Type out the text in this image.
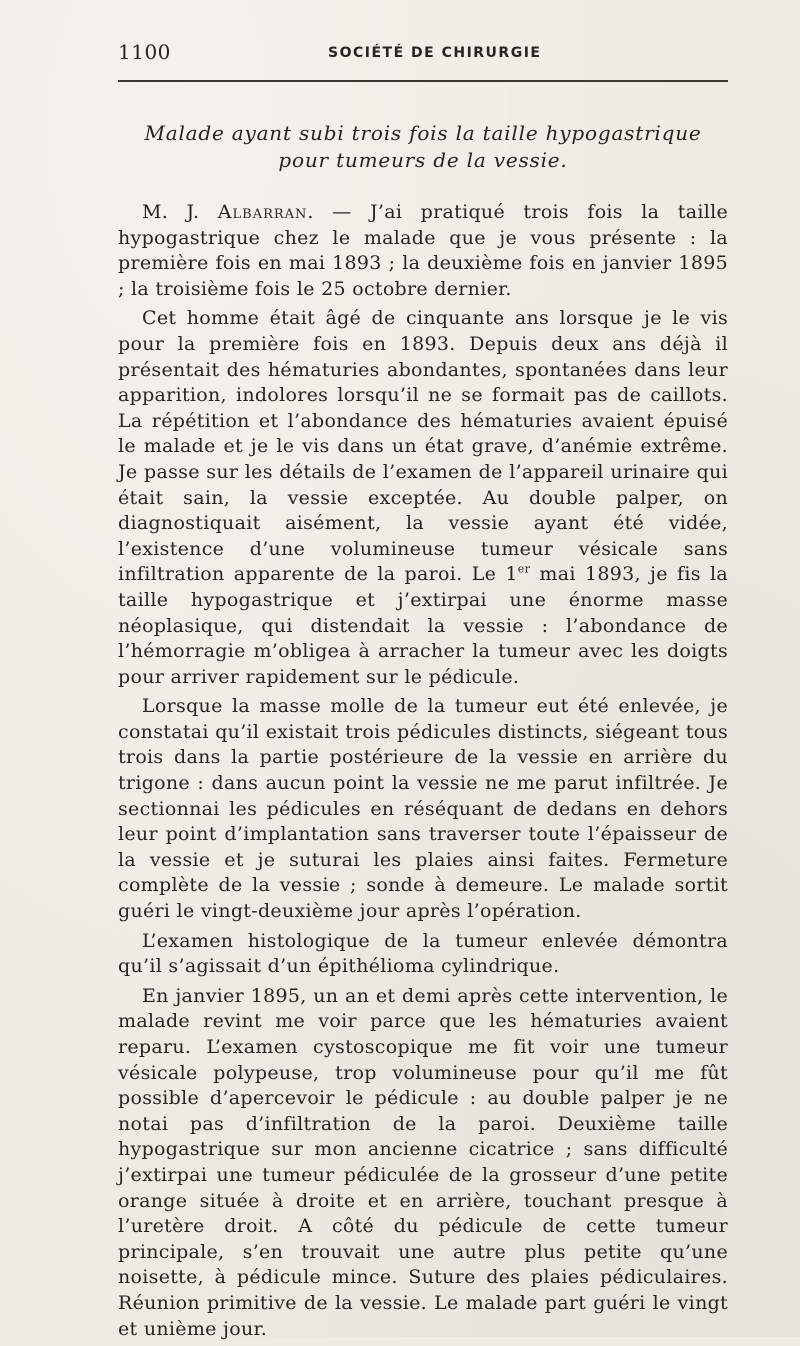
1100	SOCIÉTÉ DE CHIRURGIE
Malade ayant subi trois fois la taille hypogastrique
pour tumeurs de la vessie.

M. J. Albarran. — J’ai pratiqué trois fois la taille hypogastrique chez le malade que je vous présente : la première fois en mai 1893 ; la deuxième fois en janvier 1895 ; la troisième fois le 25 octobre dernier.

Cet homme était âgé de cinquante ans lorsque je le vis pour la première fois en 1893. Depuis deux ans déjà il présentait des hématuries abondantes, spontanées dans leur apparition, indolores lorsqu’il ne se formait pas de caillots. La répétition et l’abondance des hématuries avaient épuisé le malade et je le vis dans un état grave, d’anémie extrême. Je passe sur les détails de l’examen de l’appareil urinaire qui était sain, la vessie exceptée. Au double palper, on diagnostiquait aisément, la vessie ayant été vidée, l’existence d’une volumineuse tumeur vésicale sans infiltration apparente de la paroi. Le 1er mai 1893, je fis la taille hypogastrique et j’extirpai une énorme masse néoplasique, qui distendait la vessie : l’abondance de l’hémorragie m’obligea à arracher la tumeur avec les doigts pour arriver rapidement sur le pédicule.

Lorsque la masse molle de la tumeur eut été enlevée, je constatai qu’il existait trois pédicules distincts, siégeant tous trois dans la partie postérieure de la vessie en arrière du trigone : dans aucun point la vessie ne me parut infiltrée. Je sectionnai les pédicules en réséquant de dedans en dehors leur point d’implantation sans traverser toute l’épaisseur de la vessie et je suturai les plaies ainsi faites. Fermeture complète de la vessie ; sonde à demeure. Le malade sortit guéri le vingt-deuxième jour après l’opération.

L’examen histologique de la tumeur enlevée démontra qu’il s’agissait d’un épithélioma cylindrique.

En janvier 1895, un an et demi après cette intervention, le malade revint me voir parce que les hématuries avaient reparu. L’examen cystoscopique me fit voir une tumeur vésicale polypeuse, trop volumineuse pour qu’il me fût possible d’apercevoir le pédicule : au double palper je ne notai pas d’infiltration de la paroi. Deuxième taille hypogastrique sur mon ancienne cicatrice ; sans difficulté j’extirpai une tumeur pédiculée de la grosseur d’une petite orange située à droite et en arrière, touchant presque à l’uretère droit. A côté du pédicule de cette tumeur principale, s’en trouvait une autre plus petite qu’une noisette, à pédicule mince. Suture des plaies pédiculaires. Réunion primitive de la vessie. Le malade part guéri le vingt et unième jour.
